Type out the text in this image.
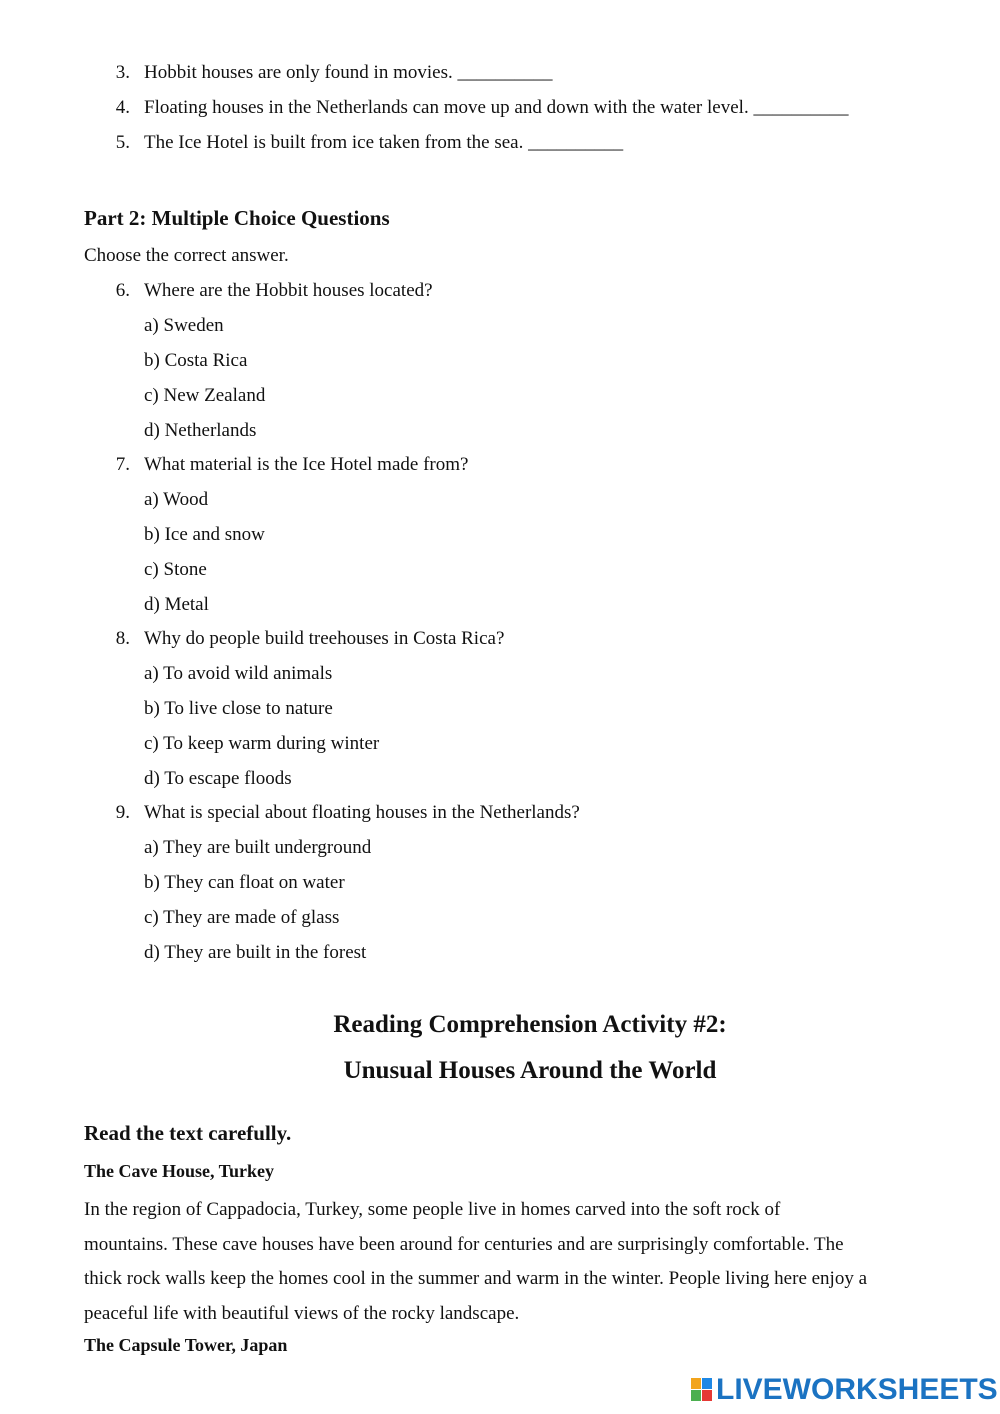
3. Hobbit houses are only found in movies. __________
4. Floating houses in the Netherlands can move up and down with the water level. __________
5. The Ice Hotel is built from ice taken from the sea. __________
Part 2: Multiple Choice Questions
Choose the correct answer.
6. Where are the Hobbit houses located?
a) Sweden
b) Costa Rica
c) New Zealand
d) Netherlands
7. What material is the Ice Hotel made from?
a) Wood
b) Ice and snow
c) Stone
d) Metal
8. Why do people build treehouses in Costa Rica?
a) To avoid wild animals
b) To live close to nature
c) To keep warm during winter
d) To escape floods
9. What is special about floating houses in the Netherlands?
a) They are built underground
b) They can float on water
c) They are made of glass
d) They are built in the forest
Reading Comprehension Activity #2:
Unusual Houses Around the World
Read the text carefully.
The Cave House, Turkey
In the region of Cappadocia, Turkey, some people live in homes carved into the soft rock of
mountains. These cave houses have been around for centuries and are surprisingly comfortable. The
thick rock walls keep the homes cool in the summer and warm in the winter. People living here enjoy a
peaceful life with beautiful views of the rocky landscape.
The Capsule Tower, Japan
LIVEWORKSHEETS
